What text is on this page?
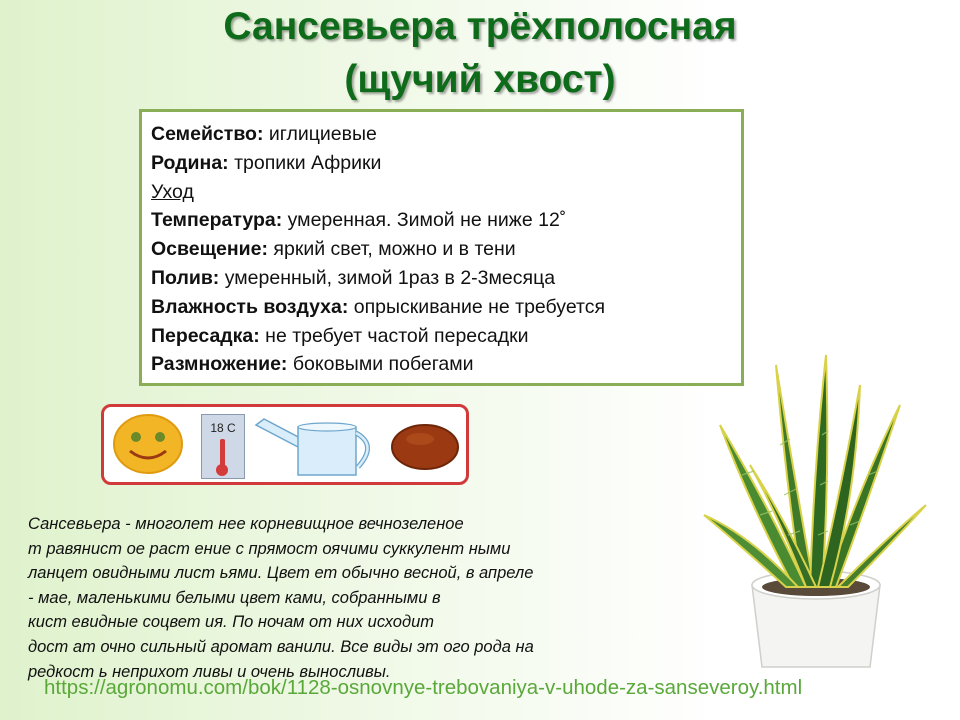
Сансевьера трёхполосная
(щучий хвост)
Семейство: иглициевые
Родина: тропики Африки
Уход
Температура: умеренная. Зимой не ниже 12˚
Освещение: яркий свет, можно и в тени
Полив: умеренный, зимой 1раз в 2-3месяца
Влажность воздуха: опрыскивание не требуется
Пересадка: не требует частой пересадки
Размножение: боковыми побегами
18 С
Сансевьера - многолет нее корневищное вечнозеленое
т равянист ое раст ение с прямост оячими суккулент ными
ланцет овидными лист ьями. Цвет ет обычно весной, в апреле
- мае, маленькими белыми цвет ками, собранными в
кист евидные соцвет ия. По ночам от них исходит
дост ат очно сильный аромат ванили. Все виды эт ого рода на
редкост ь неприхот ливы и очень выносливы.
https://agronomu.com/bok/1128-osnovnye-trebovaniya-v-uhode-za-sanseveroy.html
